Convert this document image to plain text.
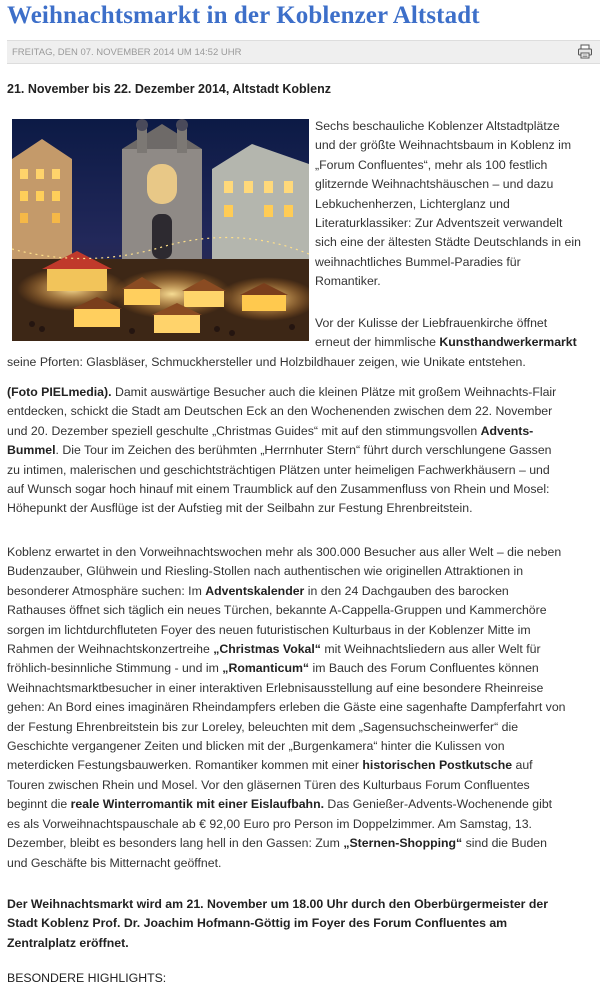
Weihnachtsmarkt in der Koblenzer Altstadt
FREITAG, DEN 07. NOVEMBER 2014 UM 14:52 UHR
21. November bis 22. Dezember 2014, Altstadt Koblenz
Sechs beschauliche Koblenzer Altstadtplätze
und der größte Weihnachtsbaum in Koblenz im
„Forum Confluentes“, mehr als 100 festlich
glitzernde Weihnachtshäuschen – und dazu
Lebkuchenherzen, Lichterglanz und
Literaturklassiker: Zur Adventszeit verwandelt
sich eine der ältesten Städte Deutschlands in ein
weihnachtliches Bummel-Paradies für
Romantiker.
Vor der Kulisse der Liebfrauenkirche öffnet
erneut der himmlische Kunsthandwerkermarkt
seine Pforten: Glasbläser, Schmuckhersteller und Holzbildhauer zeigen, wie Unikate entstehen.
(Foto PIELmedia). Damit auswärtige Besucher auch die kleinen Plätze mit großem Weihnachts-Flair
entdecken, schickt die Stadt am Deutschen Eck an den Wochenenden zwischen dem 22. November
und 20. Dezember speziell geschulte „Christmas Guides“ mit auf den stimmungsvollen Advents-
Bummel. Die Tour im Zeichen des berühmten „Herrnhuter Stern“ führt durch verschlungene Gassen
zu intimen, malerischen und geschichtsträchtigen Plätzen unter heimeligen Fachwerkhäusern – und
auf Wunsch sogar hoch hinauf mit einem Traumblick auf den Zusammenfluss von Rhein und Mosel:
Höhepunkt der Ausflüge ist der Aufstieg mit der Seilbahn zur Festung Ehrenbreitstein.
Koblenz erwartet in den Vorweihnachtswochen mehr als 300.000 Besucher aus aller Welt – die neben
Budenzauber, Glühwein und Riesling-Stollen nach authentischen wie originellen Attraktionen in
besonderer Atmosphäre suchen: Im Adventskalender in den 24 Dachgauben des barocken
Rathauses öffnet sich täglich ein neues Türchen, bekannte A-Cappella-Gruppen und Kammerchöre
sorgen im lichtdurchfluteten Foyer des neuen futuristischen Kulturbaus in der Koblenzer Mitte im
Rahmen der Weihnachtskonzertreihe „Christmas Vokal“ mit Weihnachtsliedern aus aller Welt für
fröhlich-besinnliche Stimmung - und im „Romanticum“ im Bauch des Forum Confluentes können
Weihnachtsmarktbesucher in einer interaktiven Erlebnisausstellung auf eine besondere Rheinreise
gehen: An Bord eines imaginären Rheindampfers erleben die Gäste eine sagenhafte Dampferfahrt von
der Festung Ehrenbreitstein bis zur Loreley, beleuchten mit dem „Sagensuchscheinwerfer“ die
Geschichte vergangener Zeiten und blicken mit der „Burgenkamera“ hinter die Kulissen von
meterdicken Festungsbauwerken. Romantiker kommen mit einer historischen Postkutsche auf
Touren zwischen Rhein und Mosel. Vor den gläsernen Türen des Kulturbaus Forum Confluentes
beginnt die reale Winterromantik mit einer Eislaufbahn. Das Genießer-Advents-Wochenende gibt
es als Vorweihnachtspauschale ab € 92,00 Euro pro Person im Doppelzimmer. Am Samstag, 13.
Dezember, bleibt es besonders lang hell in den Gassen: Zum „Sternen-Shopping“ sind die Buden
und Geschäfte bis Mitternacht geöffnet.
Der Weihnachtsmarkt wird am 21. November um 18.00 Uhr durch den Oberbürgermeister der
Stadt Koblenz Prof. Dr. Joachim Hofmann-Göttig im Foyer des Forum Confluentes am
Zentralplatz eröffnet.
BESONDERE HIGHLIGHTS:
